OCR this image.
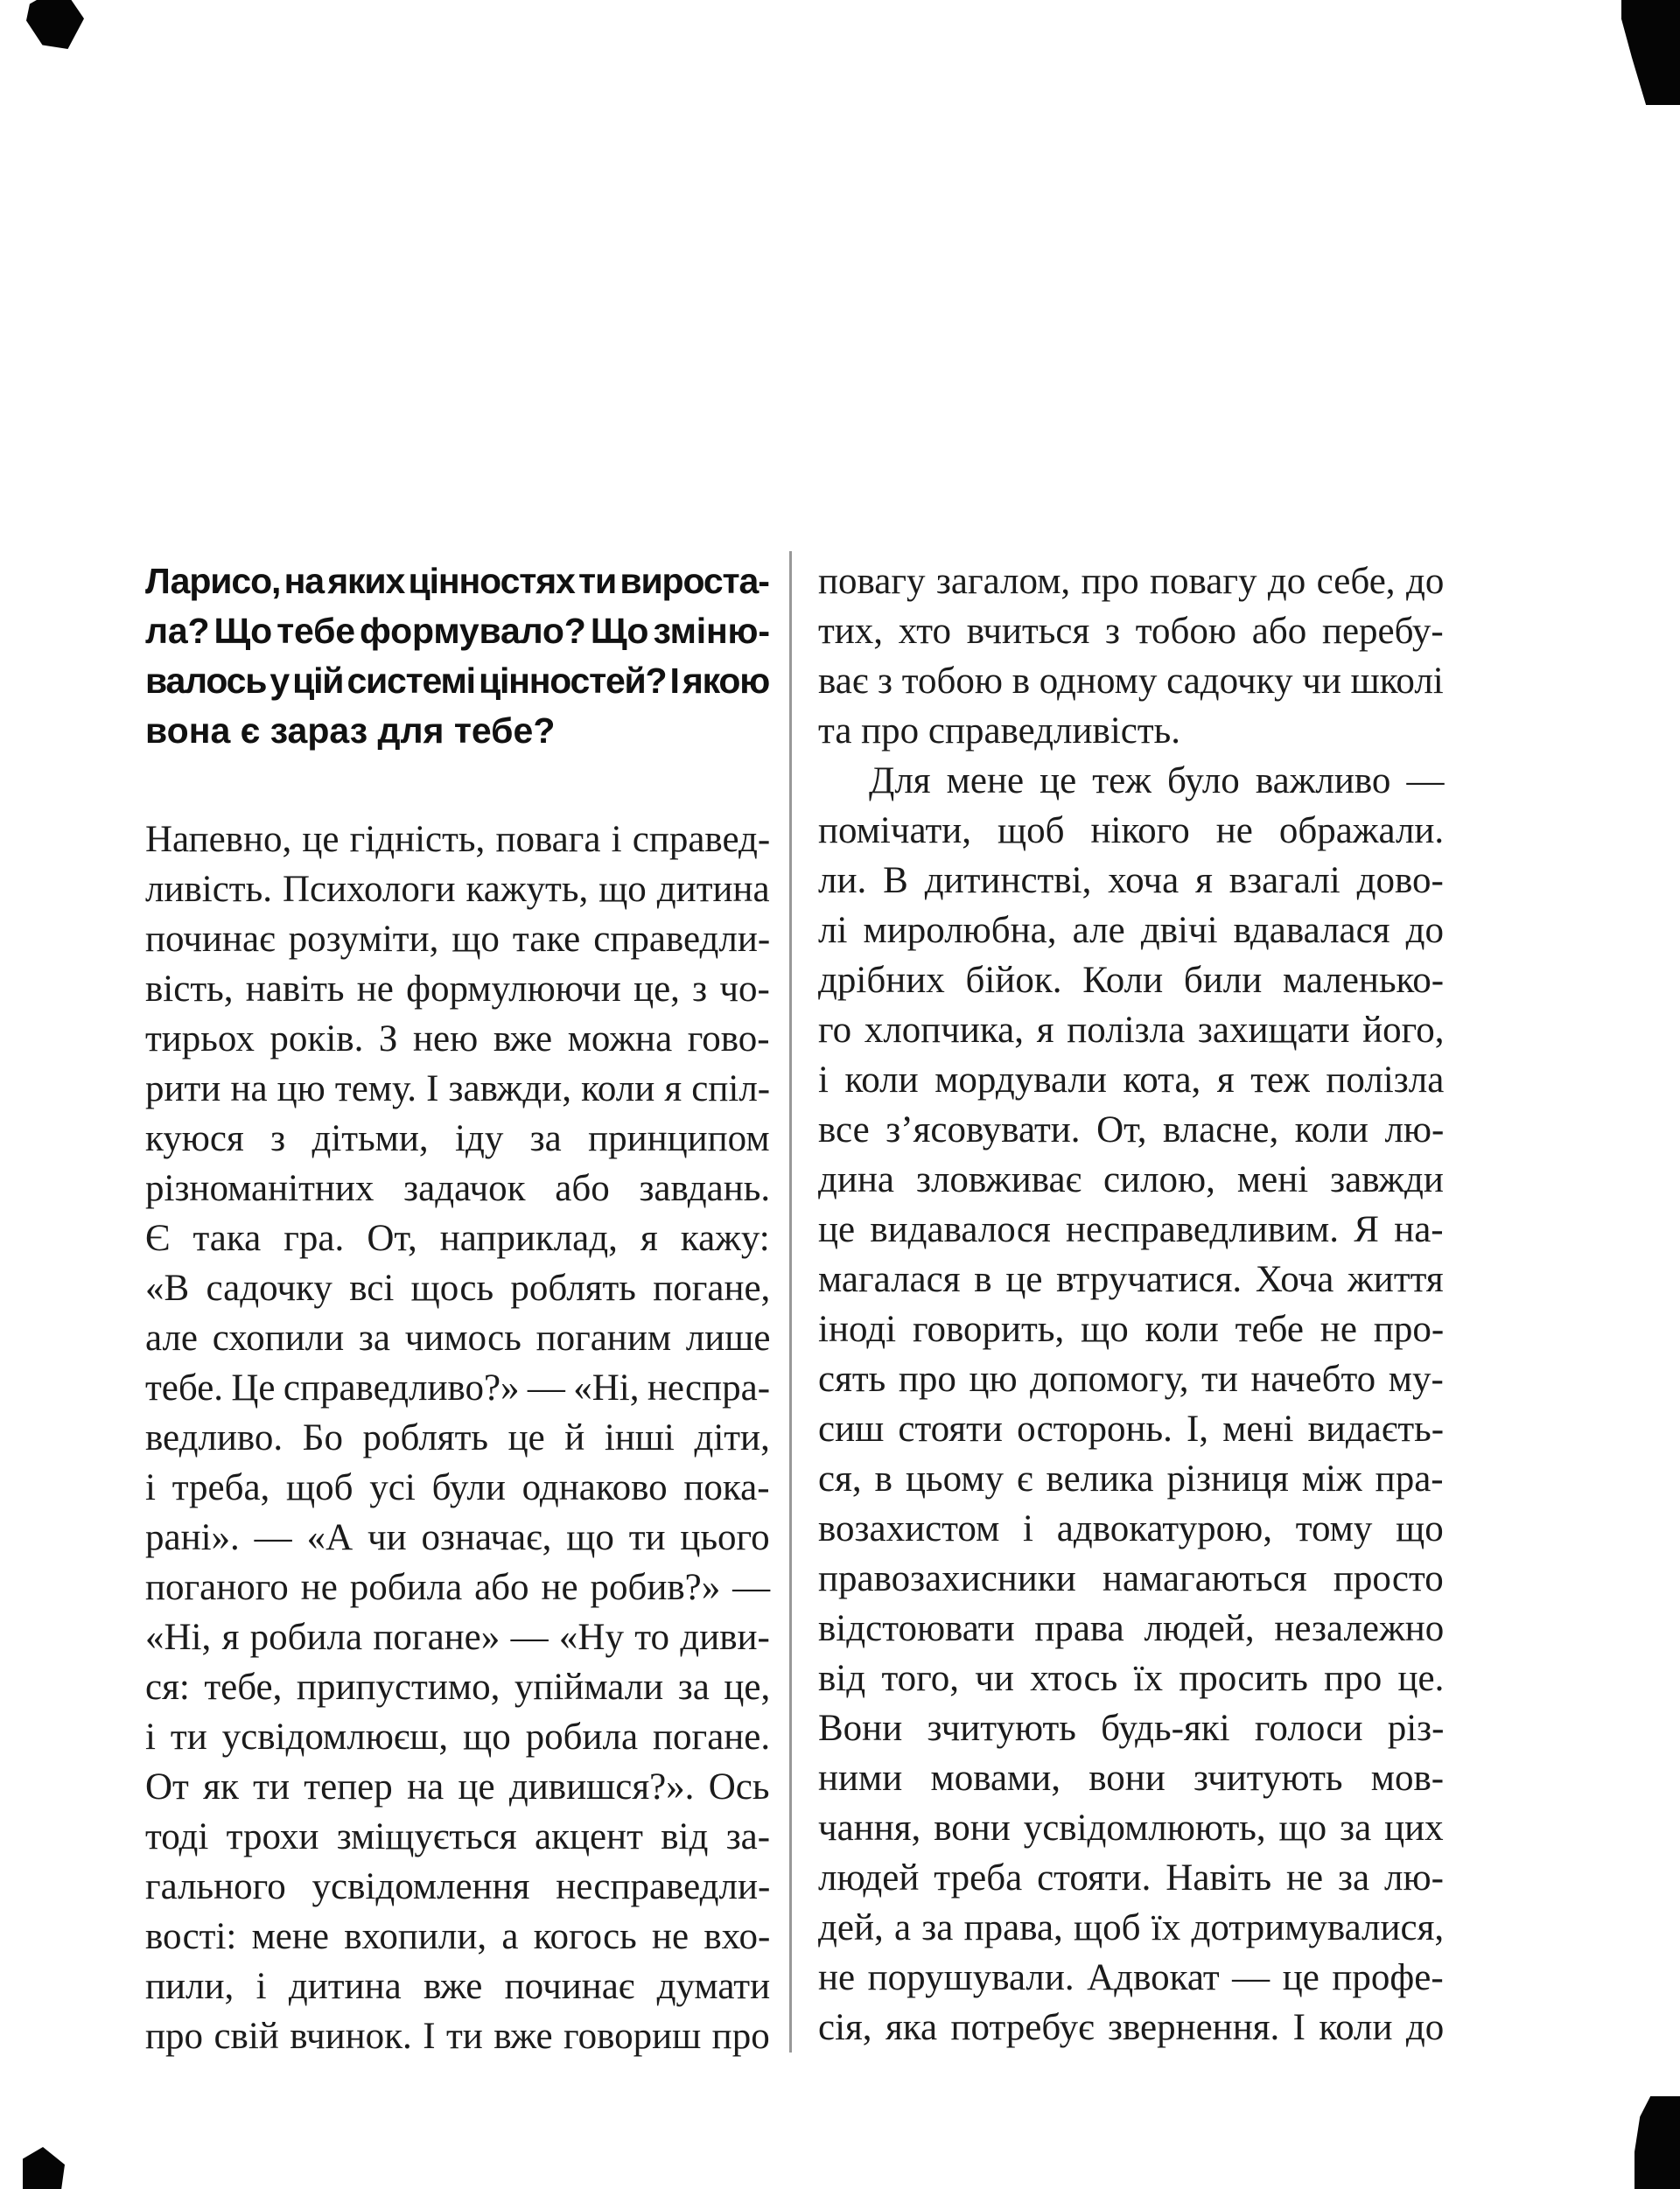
Ларисо, на яких цінностях ти вироста-
ла? Що тебе формувало? Що зміню-
валось у цій системі цінностей? І якою
вона є зараз для тебе?
Напевно, це гідність, повага і справед-
ливість. Психологи кажуть, що дитина
починає розуміти, що таке справедли-
вість, навіть не формулюючи це, з чо-
тирьох років. З нею вже можна гово-
рити на цю тему. І завжди, коли я спіл-
куюся з дітьми, іду за принципом
різноманітних задачок або завдань.
Є така гра. От, наприклад, я кажу:
«В садочку всі щось роблять погане,
але схопили за чимось поганим лише
тебе. Це справедливо?» — «Ні, неспра-
ведливо. Бо роблять це й інші діти,
і треба, щоб усі були однаково пока-
рані». — «А чи означає, що ти цього
поганого не робила або не робив?» —
«Ні, я робила погане» — «Ну то диви-
ся: тебе, припустимо, упіймали за це,
і ти усвідомлюєш, що робила погане.
От як ти тепер на це дивишся?». Ось
тоді трохи зміщується акцент від за-
гального усвідомлення несправедли-
вості: мене вхопили, а когось не вхо-
пили, і дитина вже починає думати
про свій вчинок. І ти вже говориш про
повагу загалом, про повагу до себе, до
тих, хто вчиться з тобою або перебу-
ває з тобою в одному садочку чи школі
та про справедливість.
Для мене це теж було важливо —
помічати, щоб нікого не ображали.
ли. В дитинстві, хоча я взагалі дово-
лі миролюбна, але двічі вдавалася до
дрібних бійок. Коли били маленько-
го хлопчика, я полізла захищати його,
і коли мордували кота, я теж полізла
все з’ясовувати. От, власне, коли лю-
дина зловживає силою, мені завжди
це видавалося несправедливим. Я на-
магалася в це втручатися. Хоча життя
іноді говорить, що коли тебе не про-
сять про цю допомогу, ти начебто му-
сиш стояти осторонь. І, мені видаєть-
ся, в цьому є велика різниця між пра-
возахистом і адвокатурою, тому що
правозахисники намагаються просто
відстоювати права людей, незалежно
від того, чи хтось їх просить про це.
Вони зчитують будь-які голоси різ-
ними мовами, вони зчитують мов-
чання, вони усвідомлюють, що за цих
людей треба стояти. Навіть не за лю-
дей, а за права, щоб їх дотримувалися,
не порушували. Адвокат — це профе-
сія, яка потребує звернення. І коли до
